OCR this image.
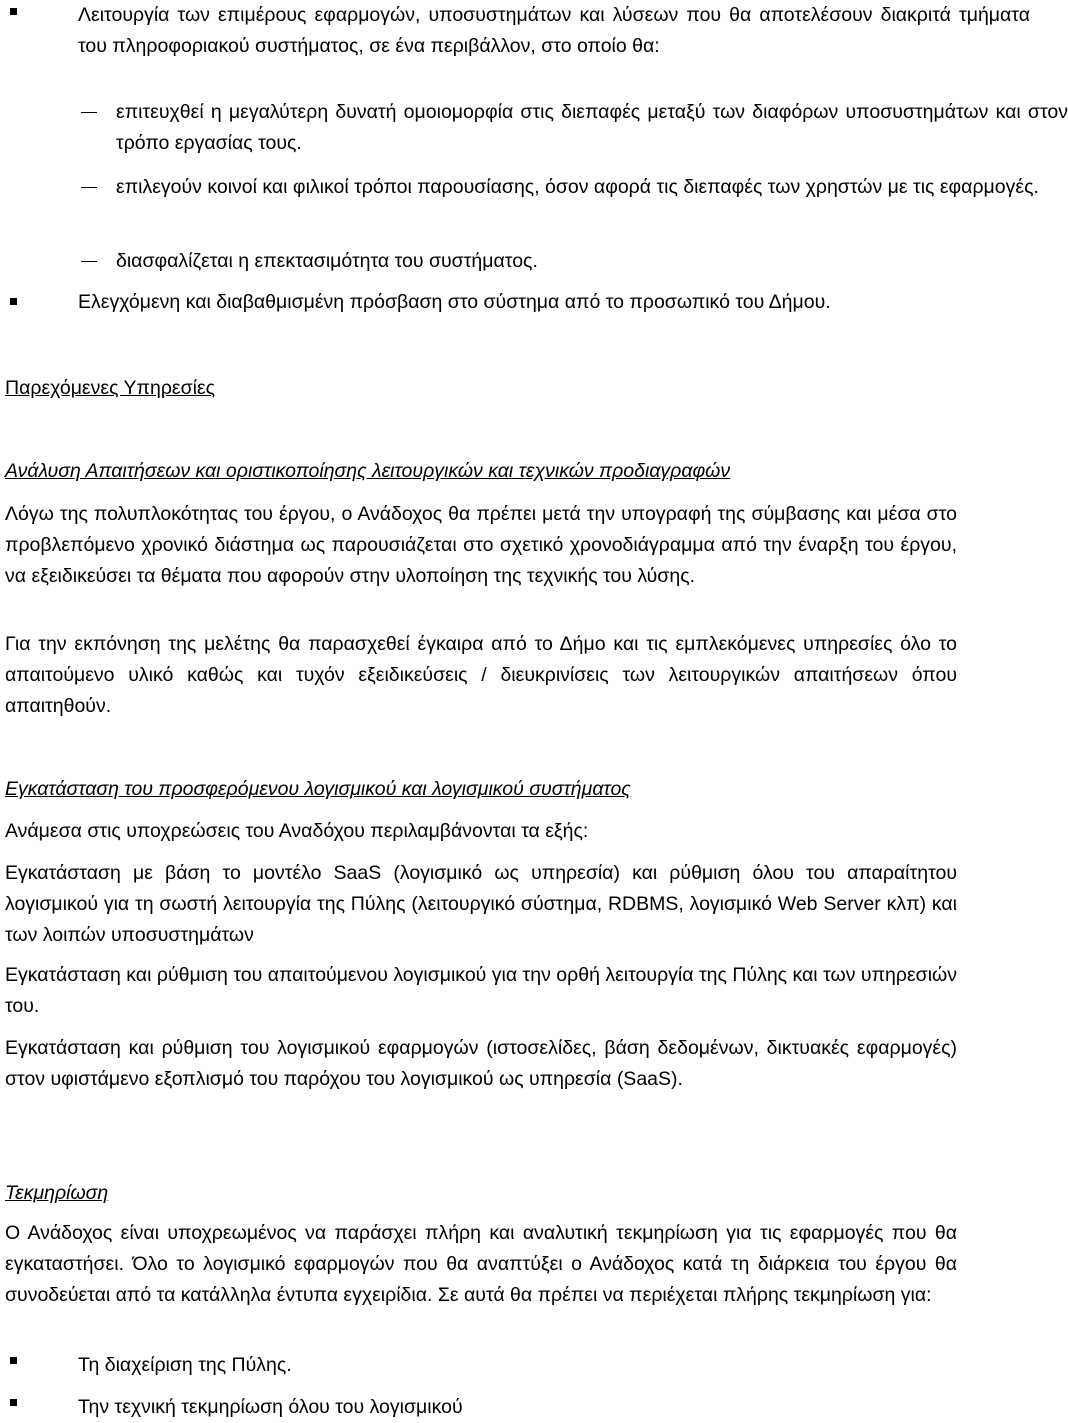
Λειτουργία των επιμέρους εφαρμογών, υποσυστημάτων και λύσεων που θα αποτελέσουν διακριτά τμήματα του πληροφοριακού συστήματος, σε ένα περιβάλλον, στο οποίο θα:
επιτευχθεί η μεγαλύτερη δυνατή ομοιομορφία στις διεπαφές μεταξύ των διαφόρων υποσυστημάτων και στον τρόπο εργασίας τους.
επιλεγούν κοινοί και φιλικοί τρόποι παρουσίασης, όσον αφορά τις διεπαφές των χρηστών με τις εφαρμογές.
διασφαλίζεται η επεκτασιμότητα του συστήματος.
Ελεγχόμενη και διαβαθμισμένη πρόσβαση στο σύστημα από το προσωπικό του Δήμου.
Παρεχόμενες Υπηρεσίες
Ανάλυση Απαιτήσεων και οριστικοποίησης λειτουργικών και τεχνικών προδιαγραφών

Λόγω της πολυπλοκότητας του έργου, ο Ανάδοχος θα πρέπει μετά την υπογραφή της σύμβασης και μέσα στο προβλεπόμενο χρονικό διάστημα ως παρουσιάζεται στο σχετικό χρονοδιάγραμμα από την έναρξη του έργου, να εξειδικεύσει τα θέματα που αφορούν στην υλοποίηση της τεχνικής του λύσης.

Για την εκπόνηση της μελέτης θα παρασχεθεί έγκαιρα από το Δήμο και τις εμπλεκόμενες υπηρεσίες όλο το απαιτούμενο υλικό καθώς και τυχόν εξειδικεύσεις / διευκρινίσεις των λειτουργικών απαιτήσεων όπου απαιτηθούν.

Εγκατάσταση του προσφερόμενου λογισμικού και λογισμικού συστήματος

Ανάμεσα στις υποχρεώσεις του Αναδόχου περιλαμβάνονται τα εξής:

Εγκατάσταση με βάση το μοντέλο SaaS (λογισμικό ως υπηρεσία) και ρύθμιση όλου του απαραίτητου λογισμικού για τη σωστή λειτουργία της Πύλης (λειτουργικό σύστημα, RDBMS, λογισμικό Web Server κλπ) και των λοιπών υποσυστημάτων

Εγκατάσταση και ρύθμιση του απαιτούμενου λογισμικού για την ορθή λειτουργία της Πύλης και των υπηρεσιών του.

Εγκατάσταση και ρύθμιση του λογισμικού εφαρμογών (ιστοσελίδες, βάση δεδομένων, δικτυακές εφαρμογές) στον υφιστάμενο εξοπλισμό του παρόχου του λογισμικού ως υπηρεσία (SaaS).

Τεκμηρίωση

Ο Ανάδοχος είναι υποχρεωμένος να παράσχει πλήρη και αναλυτική τεκμηρίωση για τις εφαρμογές που θα εγκαταστήσει. Όλο το λογισμικό εφαρμογών που θα αναπτύξει ο Ανάδοχος κατά τη διάρκεια του έργου θα συνοδεύεται από τα κατάλληλα έντυπα εγχειρίδια. Σε αυτά θα πρέπει να περιέχεται πλήρης τεκμηρίωση για:

Τη διαχείριση της Πύλης.
Την τεχνική τεκμηρίωση όλου του λογισμικού
